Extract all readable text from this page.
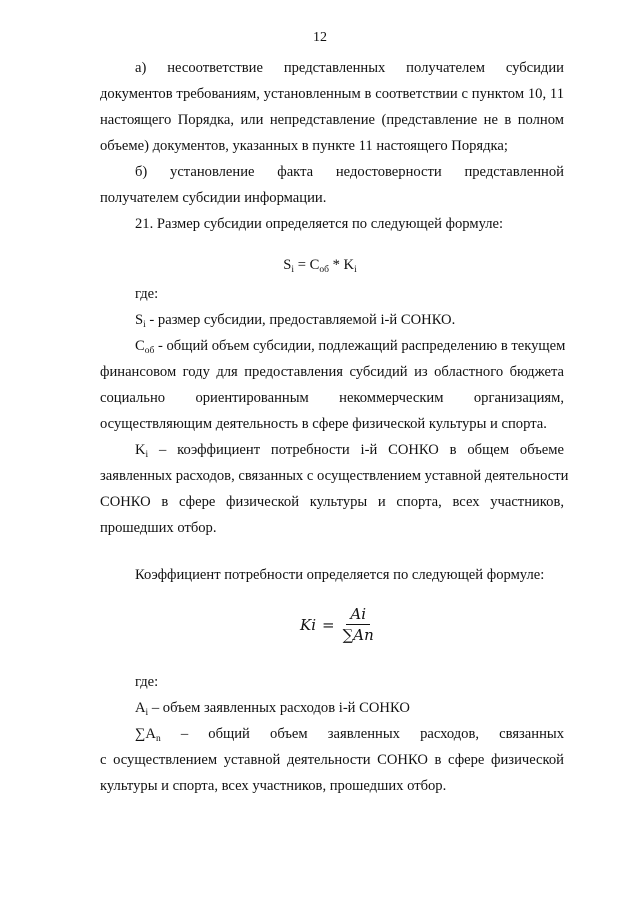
12
а) несоответствие представленных получателем субсидии
документов требованиям, установленным в соответствии с пунктом 10, 11
настоящего Порядка, или непредставление (представление не в полном
объеме) документов, указанных в пункте 11 настоящего Порядка;
б) установление факта недостоверности представленной
получателем субсидии информации.
21. Размер субсидии определяется по следующей формуле:
$S_i = С_{об} * K_i$
где:
$S_i$ - размер субсидии, предоставляемой i-й СОНКО.
$С_{об}$ - общий объем субсидии, подлежащий распределению в текущем
финансовом году для предоставления субсидий из областного бюджета
социально ориентированным некоммерческим организациям,
осуществляющим деятельность в сфере физической культуры и спорта.
$K_i$ – коэффициент потребности i-й СОНКО в общем объеме
заявленных расходов, связанных с осуществлением уставной деятельности
СОНКО в сфере физической культуры и спорта, всех участников,
прошедших отбор.
Коэффициент потребности определяется по следующей формуле:
$Ki = \frac{Ai}{\sum An}$
где:
$А_i$ – объем заявленных расходов i-й СОНКО
$\sum А_n$ – общий объем заявленных расходов, связанных
с осуществлением уставной деятельности СОНКО в сфере физической
культуры и спорта, всех участников, прошедших отбор.
